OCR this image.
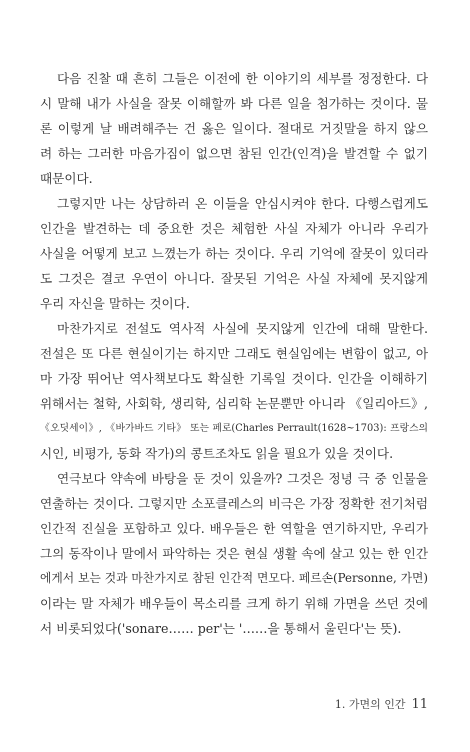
다음 진찰 때 흔히 그들은 이전에 한 이야기의 세부를 정정한다. 다
시 말해 내가 사실을 잘못 이해할까 봐 다른 일을 첨가하는 것이다. 물
론 이렇게 날 배려해주는 건 옳은 일이다. 절대로 거짓말을 하지 않으
려 하는 그러한 마음가짐이 없으면 참된 인간(인격)을 발견할 수 없기
때문이다.
그렇지만 나는 상담하러 온 이들을 안심시켜야 한다. 다행스럽게도
인간을 발견하는 데 중요한 것은 체험한 사실 자체가 아니라 우리가
사실을 어떻게 보고 느꼈는가 하는 것이다. 우리 기억에 잘못이 있더라
도 그것은 결코 우연이 아니다. 잘못된 기억은 사실 자체에 못지않게
우리 자신을 말하는 것이다.
마찬가지로 전설도 역사적 사실에 못지않게 인간에 대해 말한다.
전설은 또 다른 현실이기는 하지만 그래도 현실임에는 변함이 없고, 아
마 가장 뛰어난 역사책보다도 확실한 기록일 것이다. 인간을 이해하기
위해서는 철학, 사회학, 생리학, 심리학 논문뿐만 아니라 《일리아드》,
《오딧세이》, 《바가바드 기타》 또는 페로(Charles Perrault(1628~1703): 프랑스의
시인, 비평가, 동화 작가)의 콩트조차도 읽을 필요가 있을 것이다.
연극보다 약속에 바탕을 둔 것이 있을까? 그것은 정녕 극 중 인물을
연출하는 것이다. 그렇지만 소포클레스의 비극은 가장 정확한 전기처럼
인간적 진실을 포함하고 있다. 배우들은 한 역할을 연기하지만, 우리가
그의 동작이나 말에서 파악하는 것은 현실 생활 속에 살고 있는 한 인간
에게서 보는 것과 마찬가지로 참된 인간적 면모다. 페르손(Personne, 가면)
이라는 말 자체가 배우들이 목소리를 크게 하기 위해 가면을 쓰던 것에
서 비롯되었다('sonare…… per'는 '……을 통해서 울린다'는 뜻).
1. 가면의 인간 11
